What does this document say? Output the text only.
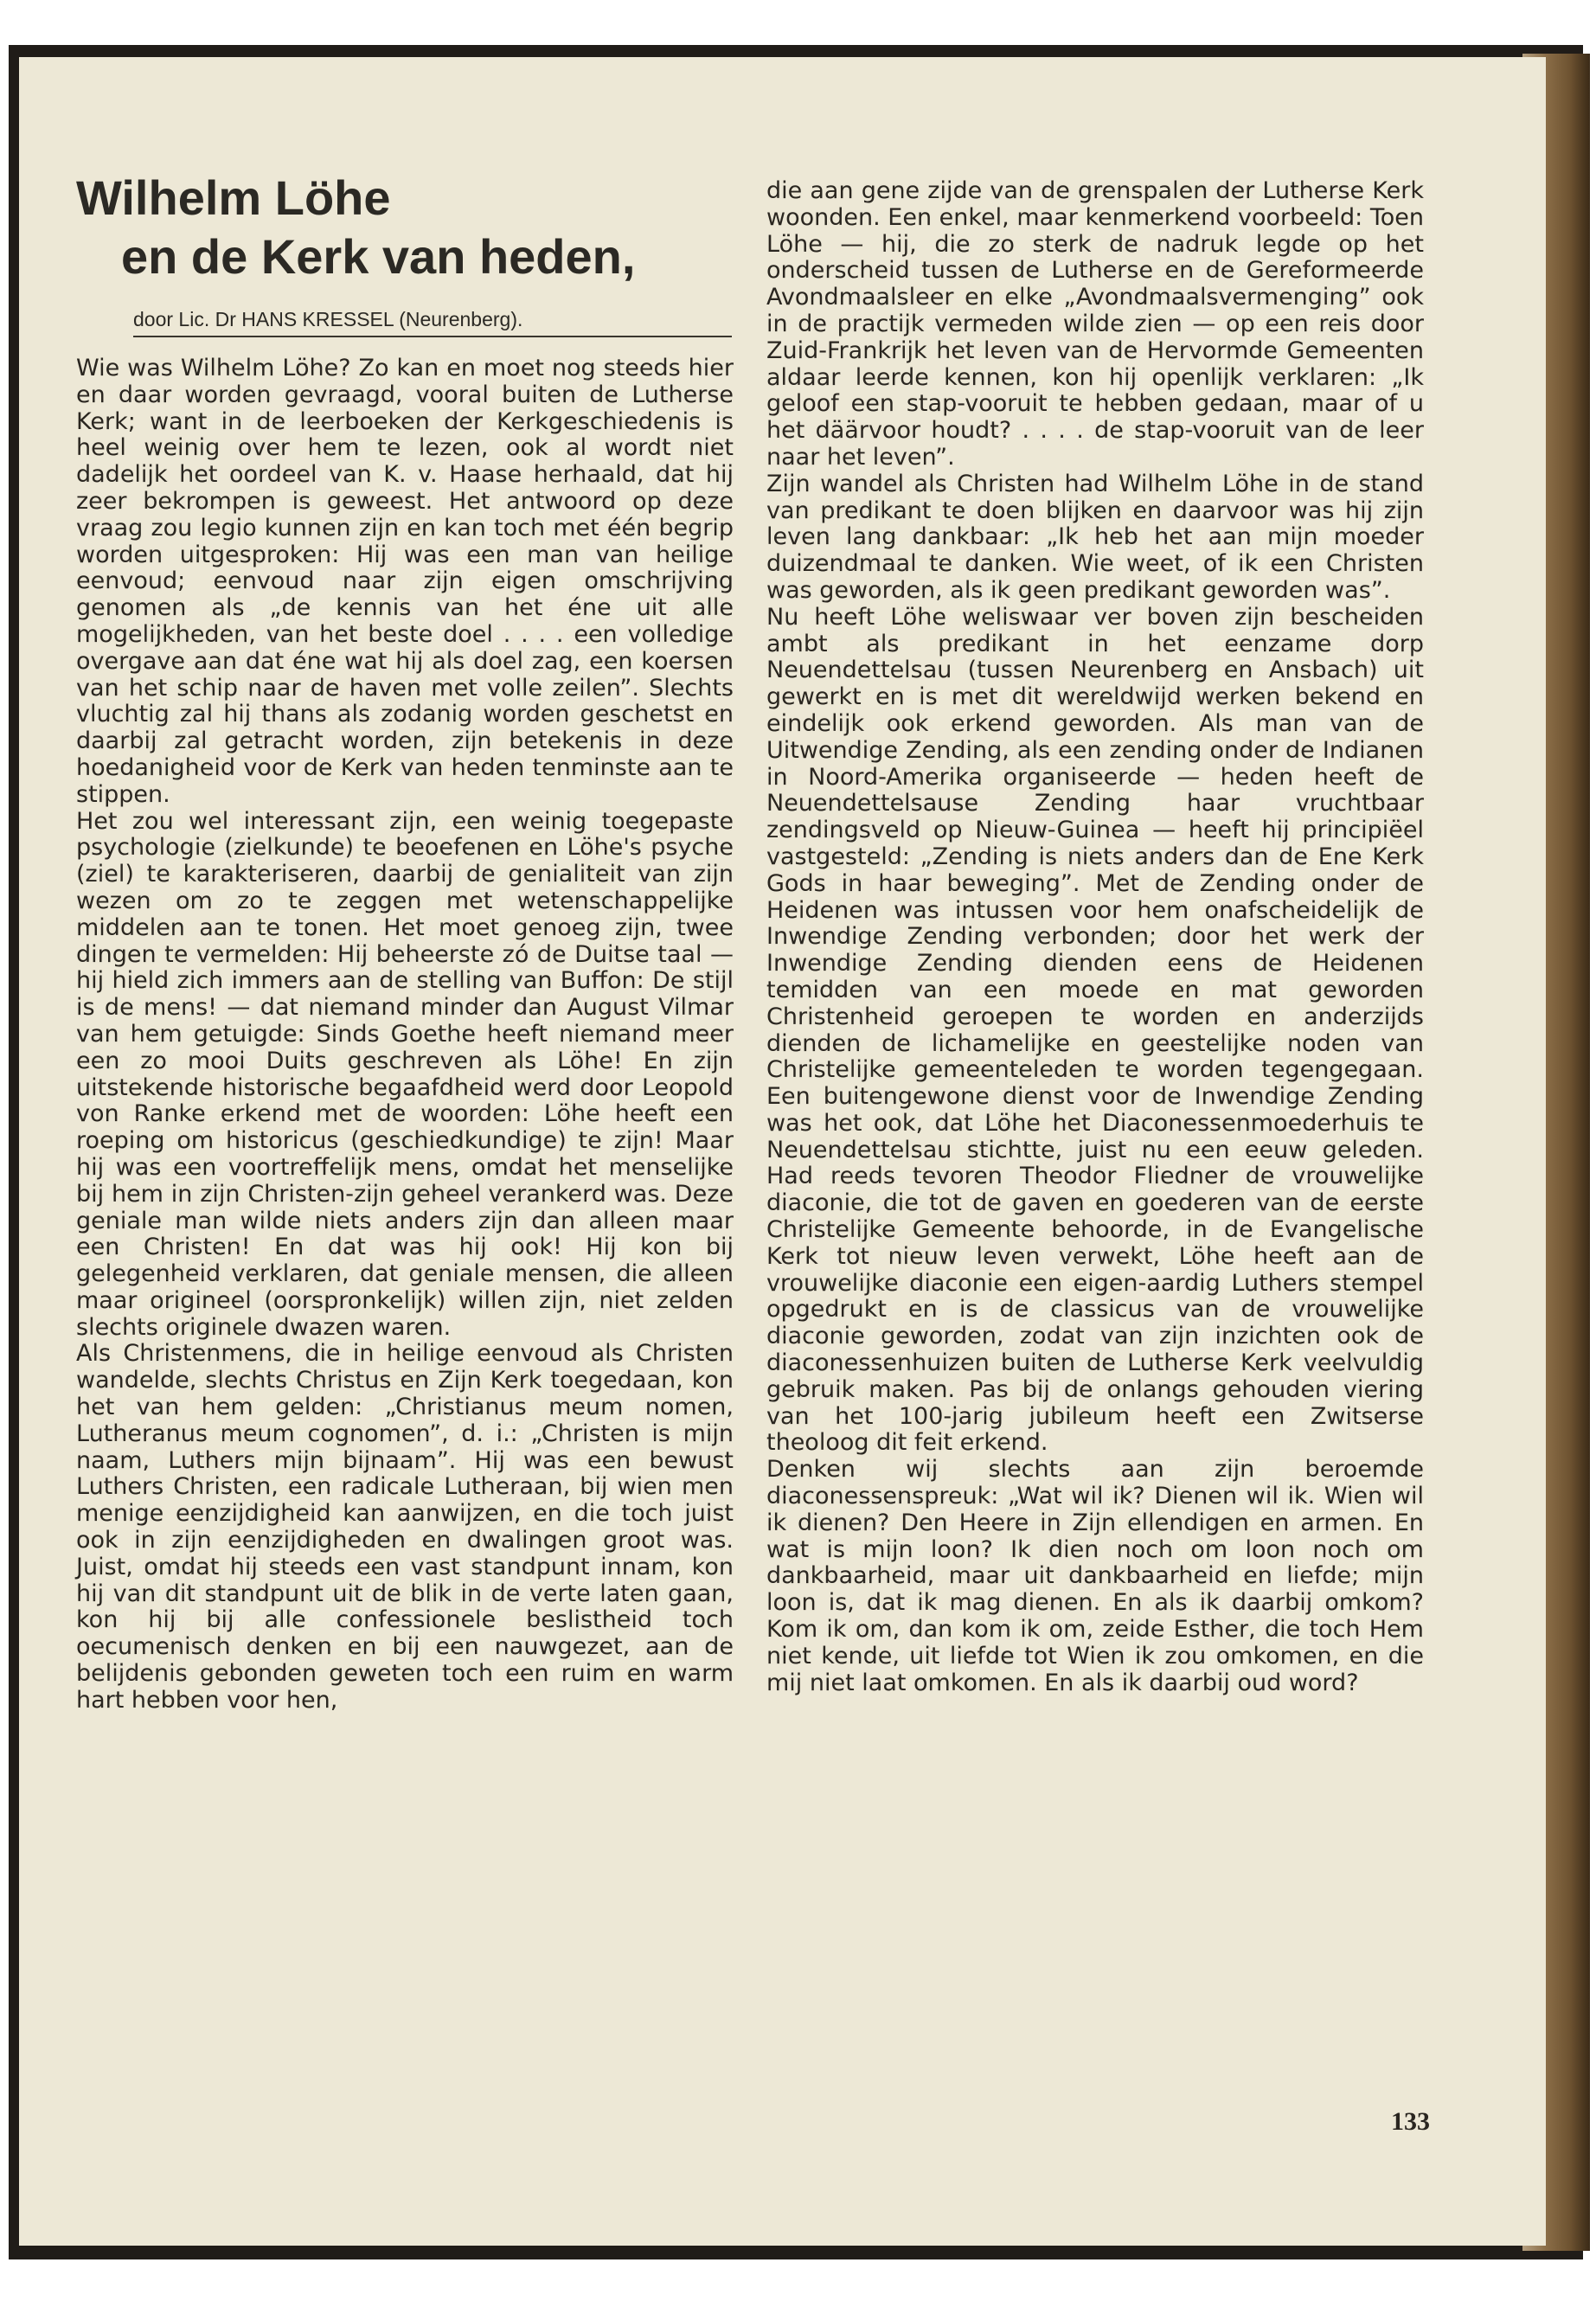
Wilhelm Löhe
en de Kerk van heden,
door Lic. Dr HANS KRESSEL (Neurenberg).

Wie was Wilhelm Löhe? Zo kan en moet nog steeds hier en daar worden gevraagd, vooral buiten de Lutherse Kerk; want in de leerboeken der Kerkgeschiedenis is heel weinig over hem te lezen, ook al wordt niet dadelijk het oordeel van K. v. Haase herhaald, dat hij zeer bekrompen is geweest. Het antwoord op deze vraag zou legio kunnen zijn en kan toch met één begrip worden uitgesproken: Hij was een man van heilige eenvoud; eenvoud naar zijn eigen omschrijving genomen als „de kennis van het éne uit alle mogelijkheden, van het beste doel . . . . een volledige overgave aan dat éne wat hij als doel zag, een koersen van het schip naar de haven met volle zeilen”. Slechts vluchtig zal hij thans als zodanig worden geschetst en daarbij zal getracht worden, zijn betekenis in deze hoedanigheid voor de Kerk van heden tenminste aan te stippen.

Het zou wel interessant zijn, een weinig toegepaste psychologie (zielkunde) te beoefenen en Löhe's psyche (ziel) te karakteriseren, daarbij de genialiteit van zijn wezen om zo te zeggen met wetenschappelijke middelen aan te tonen. Het moet genoeg zijn, twee dingen te vermelden: Hij beheerste zó de Duitse taal — hij hield zich immers aan de stelling van Buffon: De stijl is de mens! — dat niemand minder dan August Vilmar van hem getuigde: Sinds Goethe heeft niemand meer een zo mooi Duits geschreven als Löhe! En zijn uitstekende historische begaafdheid werd door Leopold von Ranke erkend met de woorden: Löhe heeft een roeping om historicus (geschiedkundige) te zijn! Maar hij was een voortreffelijk mens, omdat het menselijke bij hem in zijn Christen-zijn geheel verankerd was. Deze geniale man wilde niets anders zijn dan alleen maar een Christen! En dat was hij ook! Hij kon bij gelegenheid verklaren, dat geniale mensen, die alleen maar origineel (oorspronkelijk) willen zijn, niet zelden slechts originele dwazen waren.

Als Christenmens, die in heilige eenvoud als Christen wandelde, slechts Christus en Zijn Kerk toegedaan, kon het van hem gelden: „Christianus meum nomen, Lutheranus meum cognomen”, d. i.: „Christen is mijn naam, Luthers mijn bijnaam”. Hij was een bewust Luthers Christen, een radicale Lutheraan, bij wien men menige eenzijdigheid kan aanwijzen, en die toch juist ook in zijn eenzijdigheden en dwalingen groot was. Juist, omdat hij steeds een vast standpunt innam, kon hij van dit standpunt uit de blik in de verte laten gaan, kon hij bij alle confessionele beslistheid toch oecumenisch denken en bij een nauwgezet, aan de belijdenis gebonden geweten toch een ruim en warm hart hebben voor hen,

die aan gene zijde van de grenspalen der Lutherse Kerk woonden. Een enkel, maar kenmerkend voorbeeld: Toen Löhe — hij, die zo sterk de nadruk legde op het onderscheid tussen de Lutherse en de Gereformeerde Avondmaalsleer en elke „Avondmaalsvermenging” ook in de practijk vermeden wilde zien — op een reis door Zuid-Frankrijk het leven van de Hervormde Gemeenten aldaar leerde kennen, kon hij openlijk verklaren: „Ik geloof een stap-vooruit te hebben gedaan, maar of u het däärvoor houdt? . . . . de stap-vooruit van de leer naar het leven”.

Zijn wandel als Christen had Wilhelm Löhe in de stand van predikant te doen blijken en daarvoor was hij zijn leven lang dankbaar: „Ik heb het aan mijn moeder duizendmaal te danken. Wie weet, of ik een Christen was geworden, als ik geen predikant geworden was”.

Nu heeft Löhe weliswaar ver boven zijn bescheiden ambt als predikant in het eenzame dorp Neuendettelsau (tussen Neurenberg en Ansbach) uit gewerkt en is met dit wereldwijd werken bekend en eindelijk ook erkend geworden. Als man van de Uitwendige Zending, als een zending onder de Indianen in Noord-Amerika organiseerde — heden heeft de Neuendettelsause Zending haar vruchtbaar zendingsveld op Nieuw-Guinea — heeft hij principiëel vastgesteld: „Zending is niets anders dan de Ene Kerk Gods in haar beweging”. Met de Zending onder de Heidenen was intussen voor hem onafscheidelijk de Inwendige Zending verbonden; door het werk der Inwendige Zending dienden eens de Heidenen temidden van een moede en mat geworden Christenheid geroepen te worden en anderzijds dienden de lichamelijke en geestelijke noden van Christelijke gemeenteleden te worden tegengegaan. Een buitengewone dienst voor de Inwendige Zending was het ook, dat Löhe het Diaconessenmoederhuis te Neuendettelsau stichtte, juist nu een eeuw geleden. Had reeds tevoren Theodor Fliedner de vrouwelijke diaconie, die tot de gaven en goederen van de eerste Christelijke Gemeente behoorde, in de Evangelische Kerk tot nieuw leven verwekt, Löhe heeft aan de vrouwelijke diaconie een eigen-aardig Luthers stempel opgedrukt en is de classicus van de vrouwelijke diaconie geworden, zodat van zijn inzichten ook de diaconessenhuizen buiten de Lutherse Kerk veelvuldig gebruik maken. Pas bij de onlangs gehouden viering van het 100-jarig jubileum heeft een Zwitserse theoloog dit feit erkend.

Denken wij slechts aan zijn beroemde diaconessenspreuk: „Wat wil ik? Dienen wil ik. Wien wil ik dienen? Den Heere in Zijn ellendigen en armen. En wat is mijn loon? Ik dien noch om loon noch om dankbaarheid, maar uit dankbaarheid en liefde; mijn loon is, dat ik mag dienen. En als ik daarbij omkom? Kom ik om, dan kom ik om, zeide Esther, die toch Hem niet kende, uit liefde tot Wien ik zou omkomen, en die mij niet laat omkomen. En als ik daarbij oud word?

133
